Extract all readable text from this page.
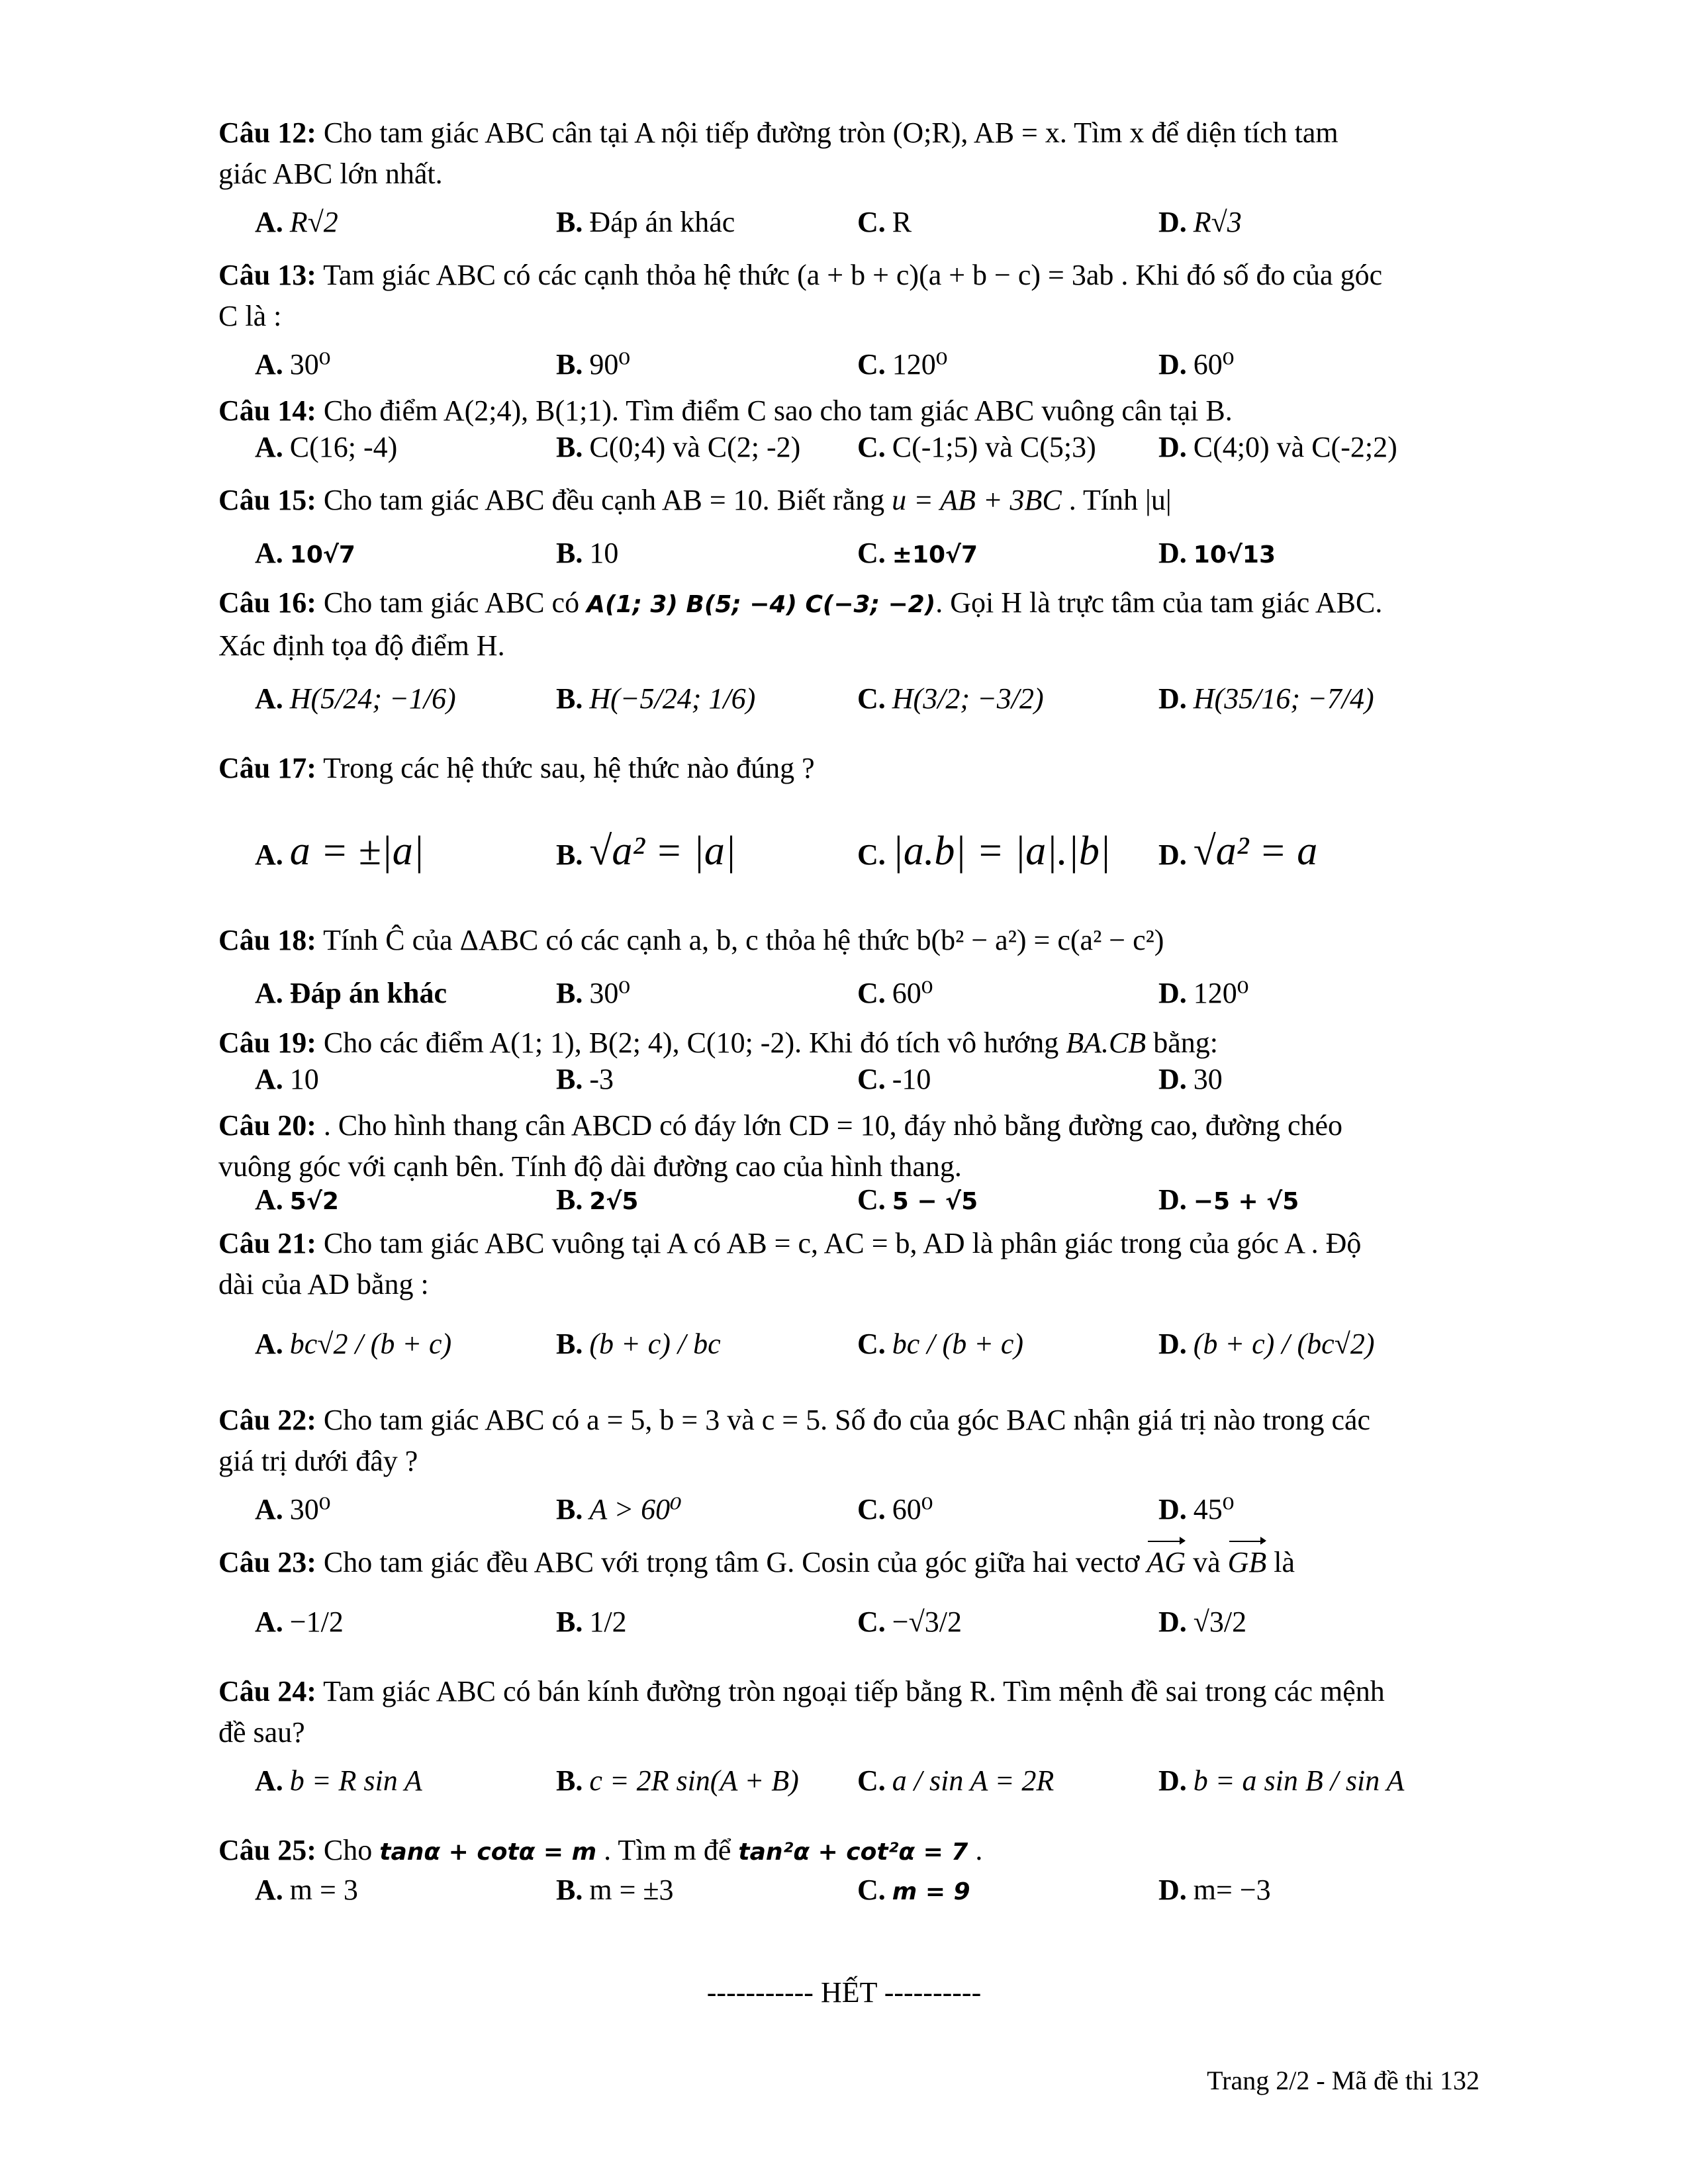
Câu 12: Cho tam giác ABC cân tại A nội tiếp đường tròn (O;R), AB = x. Tìm x để diện tích tam
giác ABC lớn nhất.
A. R√2	B. Đáp án khác	C. R	D. R√3
Câu 13: Tam giác ABC có các cạnh thỏa hệ thức (a + b + c)(a + b − c) = 3ab . Khi đó số đo của góc
C là :
A. 30⁰	B. 90⁰	C. 120⁰	D. 60⁰
Câu 14: Cho điểm A(2;4), B(1;1). Tìm điểm C sao cho tam giác ABC vuông cân tại B.
A. C(16; -4)	B. C(0;4) và C(2; -2) C. C(-1;5) và C(5;3) D. C(4;0) và C(-2;2)
Câu 15: Cho tam giác ABC đều cạnh AB = 10. Biết rằng u = AB + 3BC . Tính |u|
A. 10√7	B. 10	C. ±10√7	D. 10√13
Câu 16: Cho tam giác ABC có A(1; 3) B(5; −4) C(−3; −2). Gọi H là trực tâm của tam giác ABC.
Xác định tọa độ điểm H.
A. H(5/24; −1/6)	B. H(−5/24; 1/6)	C. H(3/2; −3/2)	D. H(35/16; −7/4)
Câu 17: Trong các hệ thức sau, hệ thức nào đúng ?
A. a = ±|a|	B. √a² = |a|	C. |a.b| = |a|.|b| D. √a² = a
Câu 18: Tính Ĉ của ΔABC có các cạnh a, b, c thỏa hệ thức b(b² − a²) = c(a² − c²)
A. Đáp án khác	B. 30⁰	C. 60⁰	D. 120⁰
Câu 19: Cho các điểm A(1; 1), B(2; 4), C(10; -2). Khi đó tích vô hướng BA.CB bằng:
A. 10	B. -3	C. -10	D. 30
Câu 20: . Cho hình thang cân ABCD có đáy lớn CD = 10, đáy nhỏ bằng đường cao, đường chéo
vuông góc với cạnh bên. Tính độ dài đường cao của hình thang.
A. 5√2	B. 2√5	C. 5 − √5	D. −5 + √5
Câu 21: Cho tam giác ABC vuông tại A có AB = c, AC = b, AD là phân giác trong của góc A . Độ
dài của AD bằng :
A. bc√2 / (b + c)	B. (b + c) / bc	C. bc / (b + c)	D. (b + c) / (bc√2)
Câu 22: Cho tam giác ABC có a = 5, b = 3 và c = 5. Số đo của góc BAC nhận giá trị nào trong các
giá trị dưới đây ?
A. 30⁰	B. A > 60⁰	C. 60⁰	D. 45⁰
Câu 23: Cho tam giác đều ABC với trọng tâm G. Cosin của góc giữa hai vectơ AG và GB là
A. −1/2	B. 1/2	C. −√3/2	D. √3/2
Câu 24: Tam giác ABC có bán kính đường tròn ngoại tiếp bằng R. Tìm mệnh đề sai trong các mệnh
đề sau?
A. b = R sin A	B. c = 2R sin(A + B) C. a / sin A = 2R	D. b = a sin B / sin A
Câu 25: Cho tanα + cotα = m . Tìm m để tan²α + cot²α = 7 .
A. m = 3	B. m = ±3	C. m = 9	D. m= −3
----------- HẾT ----------
Trang 2/2 - Mã đề thi 132
